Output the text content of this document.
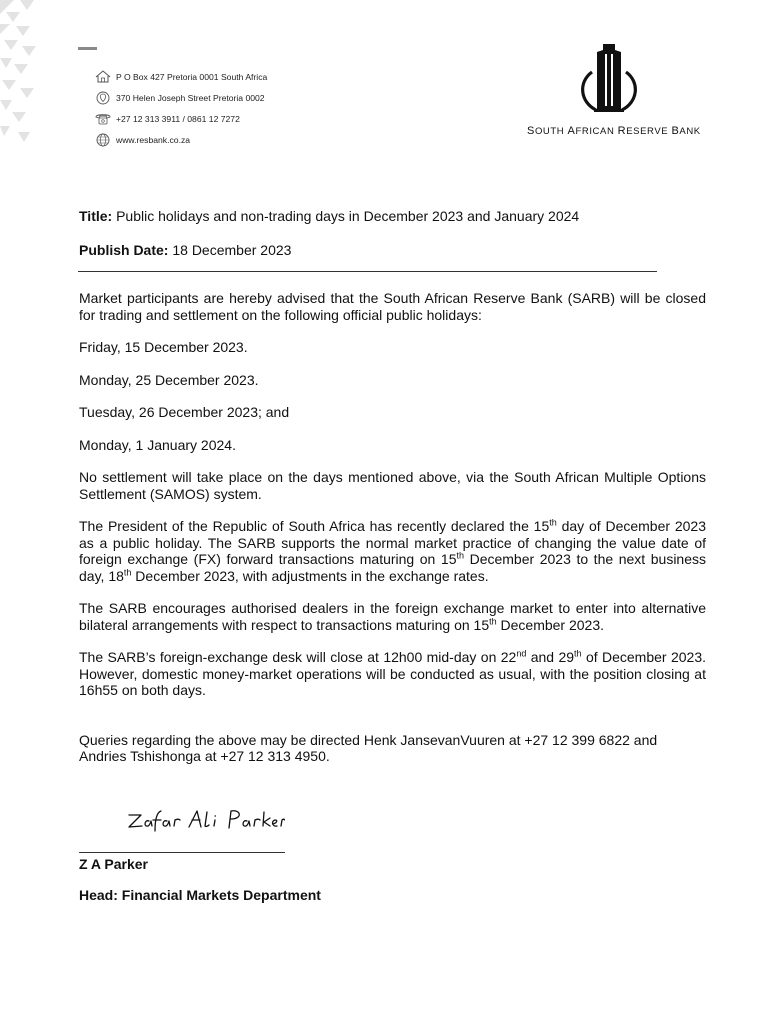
P O Box 427 Pretoria 0001 South Africa
370 Helen Joseph Street Pretoria 0002
+27 12 313 3911 / 0861 12 7272
www.resbank.co.za
SOUTH AFRICAN RESERVE BANK
Title: Public holidays and non-trading days in December 2023 and January 2024
Publish Date: 18 December 2023

Market participants are hereby advised that the South African Reserve Bank (SARB) will be closed for trading and settlement on the following official public holidays:

Friday, 15 December 2023.

Monday, 25 December 2023.

Tuesday, 26 December 2023; and

Monday, 1 January 2024.

No settlement will take place on the days mentioned above, via the South African Multiple Options Settlement (SAMOS) system.

The President of the Republic of South Africa has recently declared the 15th day of December 2023 as a public holiday. The SARB supports the normal market practice of changing the value date of foreign exchange (FX) forward transactions maturing on 15th December 2023 to the next business day, 18th December 2023, with adjustments in the exchange rates.

The SARB encourages authorised dealers in the foreign exchange market to enter into alternative bilateral arrangements with respect to transactions maturing on 15th December 2023.

The SARB’s foreign-exchange desk will close at 12h00 mid-day on 22nd and 29th of December 2023. However, domestic money-market operations will be conducted as usual, with the position closing at 16h55 on both days.

Queries regarding the above may be directed Henk JansevanVuuren at +27 12 399 6822 and Andries Tshishonga at +27 12 313 4950.

Z A Parker
Head: Financial Markets Department
